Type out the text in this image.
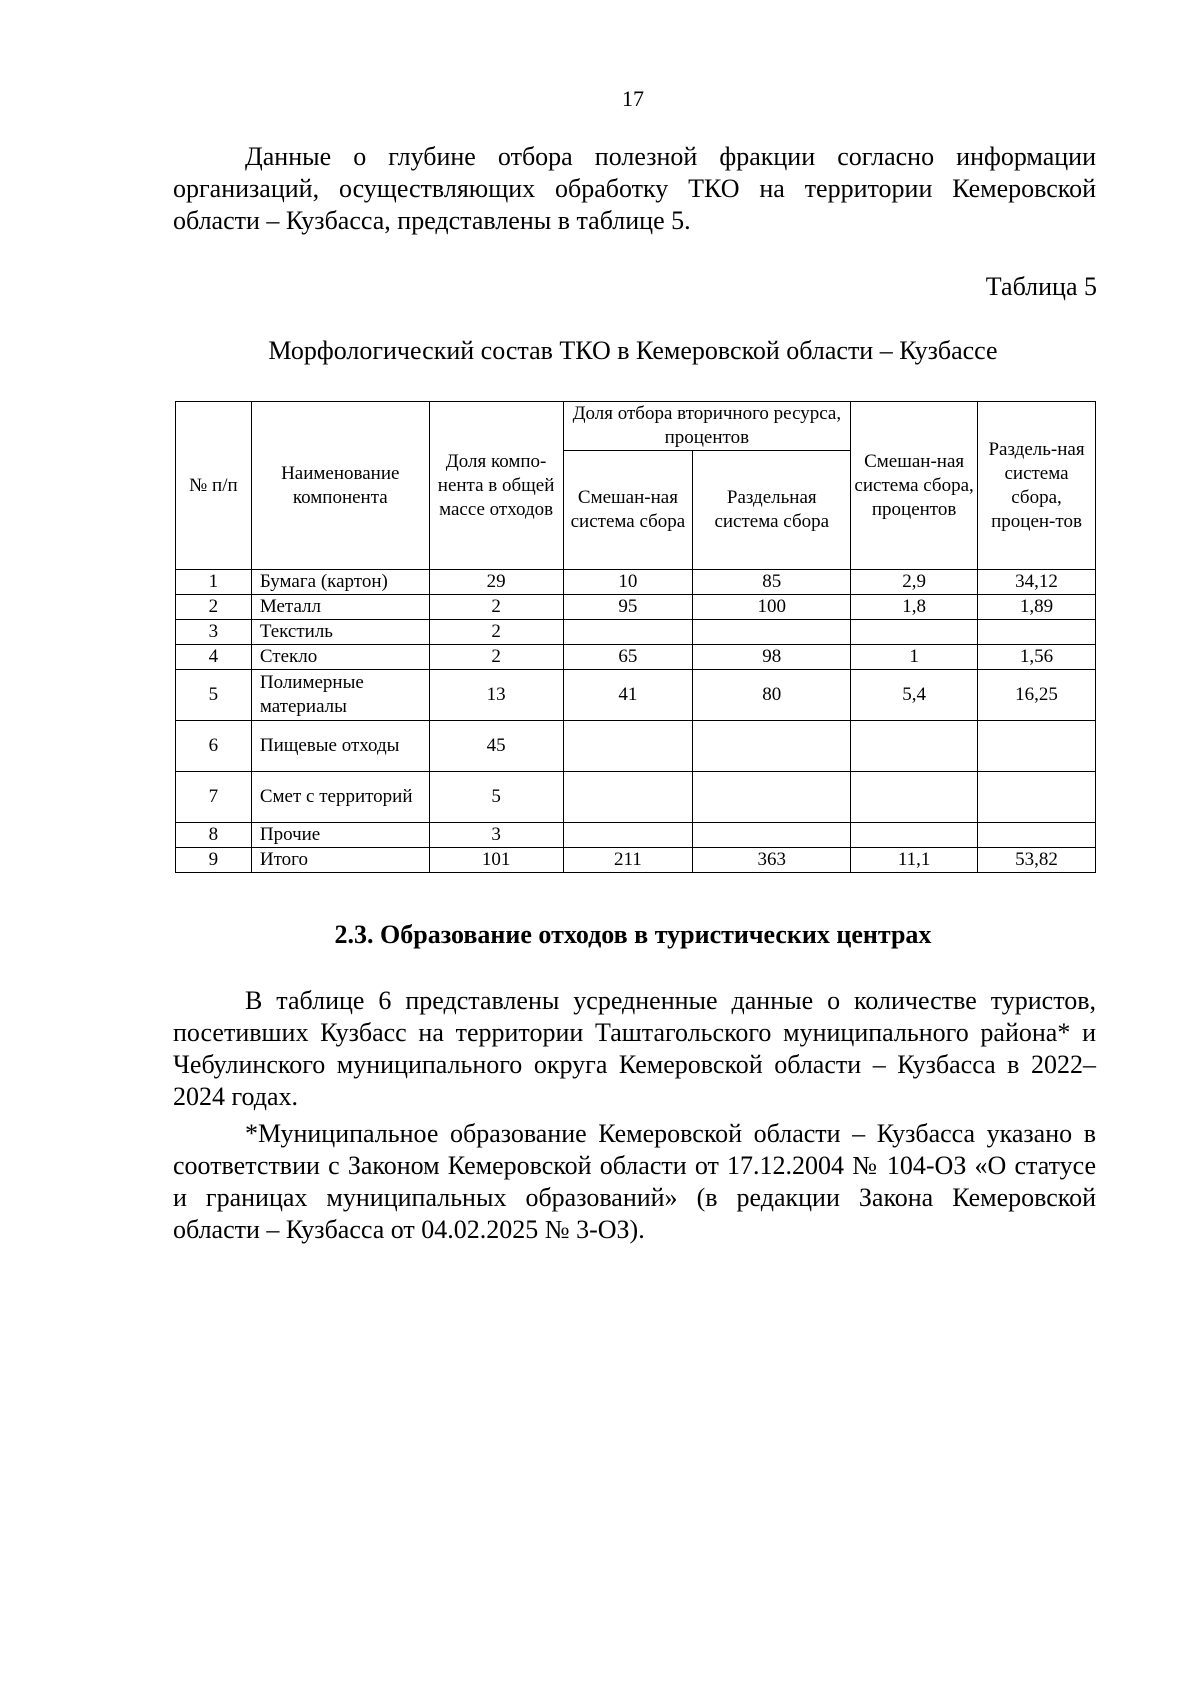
17

Данные о глубине отбора полезной фракции согласно информации организаций, осуществляющих обработку ТКО на территории Кемеровской области – Кузбасса, представлены в таблице 5.

Таблица 5
Морфологический состав ТКО в Кемеровской области – Кузбассе
№ п/п	Наименование компонента	Доля компо-нента в общей массе отходов	Доля отбора вторичного ресурса, процентов		Смешан-ная система сбора, процентов	Раздель-ная система сбора, процен-тов
			Смешан-ная система сбора	Раздельная система сбора		
1	Бумага (картон)	29	10	85	2,9	34,12
2	Металл	2	95	100	1,8	1,89
3	Текстиль	2				
4	Стекло	2	65	98	1	1,56
5	Полимерные материалы	13	41	80	5,4	16,25
6	Пищевые отходы	45				
7	Смет с территорий	5				
8	Прочие	3				
9	Итого	101	211	363	11,1	53,82
2.3. Образование отходов в туристических центрах

В таблице 6 представлены усредненные данные о количестве туристов, посетивших Кузбасс на территории Таштагольского муниципального района* и Чебулинского муниципального округа Кемеровской области – Кузбасса в 2022–2024 годах.

*Муниципальное образование Кемеровской области – Кузбасса указано в соответствии с Законом Кемеровской области от 17.12.2004 № 104-ОЗ «О статусе и границах муниципальных образований» (в редакции Закона Кемеровской области – Кузбасса от 04.02.2025 № 3-ОЗ).
